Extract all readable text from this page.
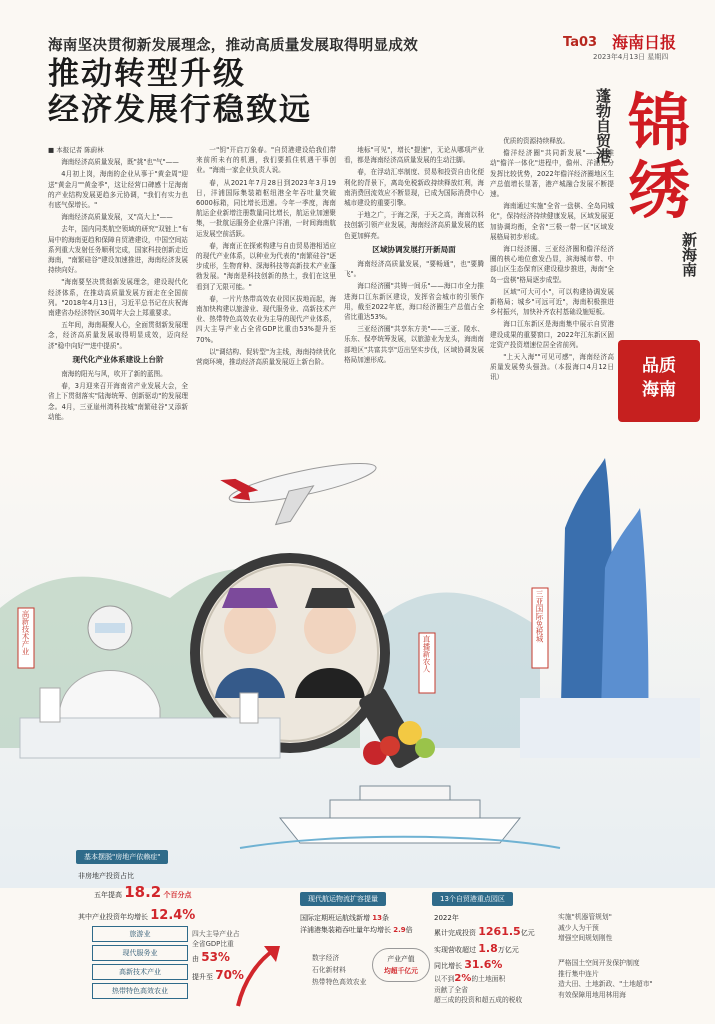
海南坚决贯彻新发展理念，推动高质量发展取得明显成效
推动转型升级
经济发展行稳致远
Ta03 海南日报
2023年4月13日 星期四

■ 本报记者 陈蔚林

海南经济高质量发展，既"挑"也"气"——

4月初上岗，海南的企业从事于"黄金周"迎送"黄金月""黄金季"，这让经营口碑感十足海南的产业结构发展更趋多元协调，"我们有实力也有底气保增长。"

海南经济高质量发展，又"高大上"——

去年，国内同类航空领域的研究"双链上"布局中的海南更趋和保障自贸港建设，中国空间站系列重大发射任务顺利完成，国家科技创新走近海南，"南繁硅谷"建设加速推进，海南经济发展持续向好。

"海南要坚决贯彻新发展理念，建设现代化经济体系，在推动高质量发展方面走在全国前列。"2018年4月13日，习近平总书记在庆祝海南建省办经济特区30周年大会上郑重要求。

五年间，海南凝聚人心，全面贯彻新发展理念，经济高质量发展取得明显成效，迈向经济"稳中向好""进中提质"。

现代化产业体系建设上台阶

南海的阳光与风，吹开了新的蓝图。

春，3月迎来召开海南省产业发展大会，全省上下贯彻落实"陆海统筹、创新驱动"的发展理念。4月，三亚崖州湾科技城"南繁硅谷"又添新动能。

一"钥"开启万象春。"自贸港建设给我们带来前所未有的机遇，我们要抓住机遇干事创业。"海南一家企业负责人说。

春，从2021年7月28日到2023年3月19日，洋浦国际集装箱枢纽港全年吞吐量突破6000标箱，同比增长迅速。今年一季度，海南航运企业新增注册数量同比增长，航运业加速聚集，一批航运服务企业落户洋浦，一时间海南航运发展空前活跃。

春，海南正在探索构建与自由贸易港相适应的现代产业体系，以种业为代表的"南繁硅谷"逐步成形，生物育种、深海科技等高新技术产业蓬勃发展。"海南是科技创新的热土，我们在这里看到了无限可能。"

春，一片片热带高效农业园区拔地而起，海南加快构建以旅游业、现代服务业、高新技术产业、热带特色高效农业为主导的现代产业体系，四大主导产业占全省GDP比重由53%提升至70%。

以"调结构、促转型"为主线，海南持续优化营商环境，推动经济高质量发展迈上新台阶。

地标"可见"，增长"提速"，无论从哪项产业看，都是海南经济高质量发展的生动注脚。

春，在浮动汇率制度、贸易和投资自由化便利化的背景下，离岛免税新政持续释放红利，海南消费回流效应不断显现，已成为国际消费中心城市建设的重要引擎。

于地之广，于海之深，于天之高，海南以科技创新引领产业发展，海南经济高质量发展的底色更加鲜亮。

区域协调发展打开新局面

海南经济高质量发展，"要畅通"，也"要腾飞"。

海口经济圈"共铸一间乐"——海口市全力推进海口江东新区建设，发挥省会城市的引领作用，截至2022年底，海口经济圈生产总值占全省比重达53%。

三亚经济圈"共享东方美"——三亚、陵水、乐东、保亭统筹发展，以旅游业为龙头，海南南部地区"共富共享"迈出坚实步伐，区域协调发展格局加速形成。

优质的资源持续释放。

儋洋经济圈"共同新发展"——在推动"儋洋一体化"进程中，儋州、洋浦充分发挥比较优势，2022年儋洋经济圈地区生产总值增长显著，港产城融合发展不断提速。

海南通过实施"全省一盘棋、全岛同城化"，保持经济持续健康发展，区域发展更加协调均衡，全省"三极一带一区"区域发展格局初步形成。

海口经济圈、三亚经济圈和儋洋经济圈的核心地位愈发凸显，滨海城市带、中部山区生态保育区建设稳步推进，海南"全岛一盘棋"格局逐步成型。

区域"可大可小"，可以构建协调发展新格局；城乡"可远可近"，海南积极推进乡村振兴，加快补齐农村基础设施短板。

海口江东新区是海南集中展示自贸港建设成果的重要窗口，2022年江东新区固定资产投资增速位居全省前列。

"上天入海""可见可感"，海南经济高质量发展势头强劲。（本报海口4月12日讯）

蓬勃自贸港 锦
绣
新海南
品质
海南
高新技术产业	直播新农人
三亚国际免税城
基本摆脱"房地产依赖症"
非房地产投资占比
五年提高 18.2 个百分点
其中产业投资年均增长 12.4%
旅游业
现代服务业
高新技术产业
热带特色高效农业
四大主导产业占全省GDP比重
由 53%
提升至 70%
现代航运物流扩容提量
国际定期班运航线新增 13条
洋浦港集装箱吞吐量年均增长 2.9倍
数字经济
石化新材料
热带特色高效农业
产业产值
均超千亿元
13个自贸港重点园区
2022年
累计完成投资 1261.5亿元
实现营收超过 1.8万亿元
同比增长 31.6%
以不到2%的土地面积
贡献了全省
超三成的投资和超五成的税收
实施"机器管规划"
减少人为干预
增强空间规划刚性
严格国土空间开发保护制度
推行集中连片
造大田、土地新政、"土地超市"
有效保障用地用林用海
